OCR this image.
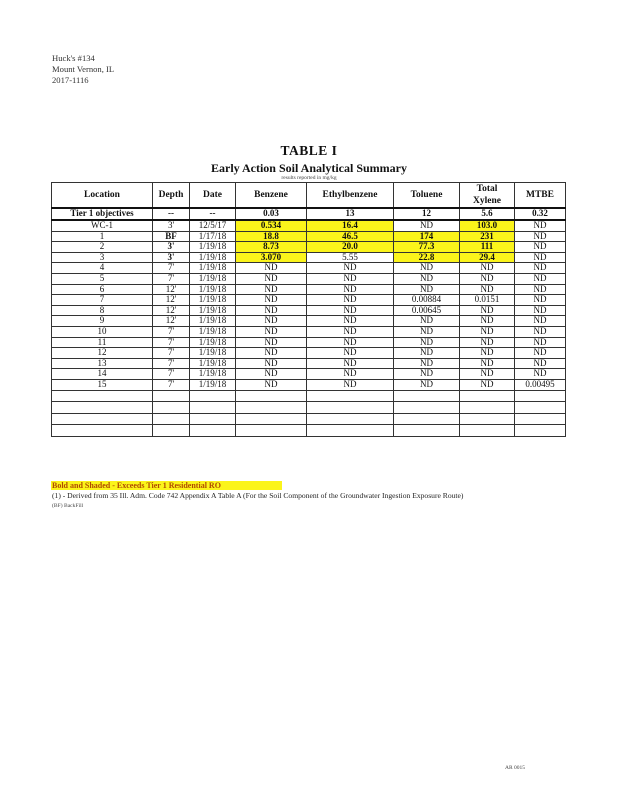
Huck's #134
Mount Vernon, IL
2017-1116
TABLE I
Early Action Soil Analytical Summary
results reported in mg/kg
Location	Depth	Date	Benzene	Ethylbenzene	Toluene	Total Xylene	MTBE
Tier 1 objectives	--	--	0.03	13	12	5.6	0.32
WC-1	3'	12/5/17	0.534	16.4	ND	103.0	ND
1	BF	1/17/18	18.8	46.5	174	231	ND
2	3'	1/19/18	8.73	20.0	77.3	111	ND
3	3'	1/19/18	3.070	5.55	22.8	29.4	ND
4	7'	1/19/18	ND	ND	ND	ND	ND
5	7'	1/19/18	ND	ND	ND	ND	ND
6	12'	1/19/18	ND	ND	ND	ND	ND
7	12'	1/19/18	ND	ND	0.00884	0.0151	ND
8	12'	1/19/18	ND	ND	0.00645	ND	ND
9	12'	1/19/18	ND	ND	ND	ND	ND
10	7'	1/19/18	ND	ND	ND	ND	ND
11	7'	1/19/18	ND	ND	ND	ND	ND
12	7'	1/19/18	ND	ND	ND	ND	ND
13	7'	1/19/18	ND	ND	ND	ND	ND
14	7'	1/19/18	ND	ND	ND	ND	ND
15	7'	1/19/18	ND	ND	ND	ND	0.00495

Bold and Shaded - Exceeds Tier 1 Residential RO
(1) - Derived from 35 Ill. Adm. Code 742 Appendix A Table A (For the Soil Component of the Groundwater Ingestion Exposure Route)
(BF) BackFill
AR 0015
